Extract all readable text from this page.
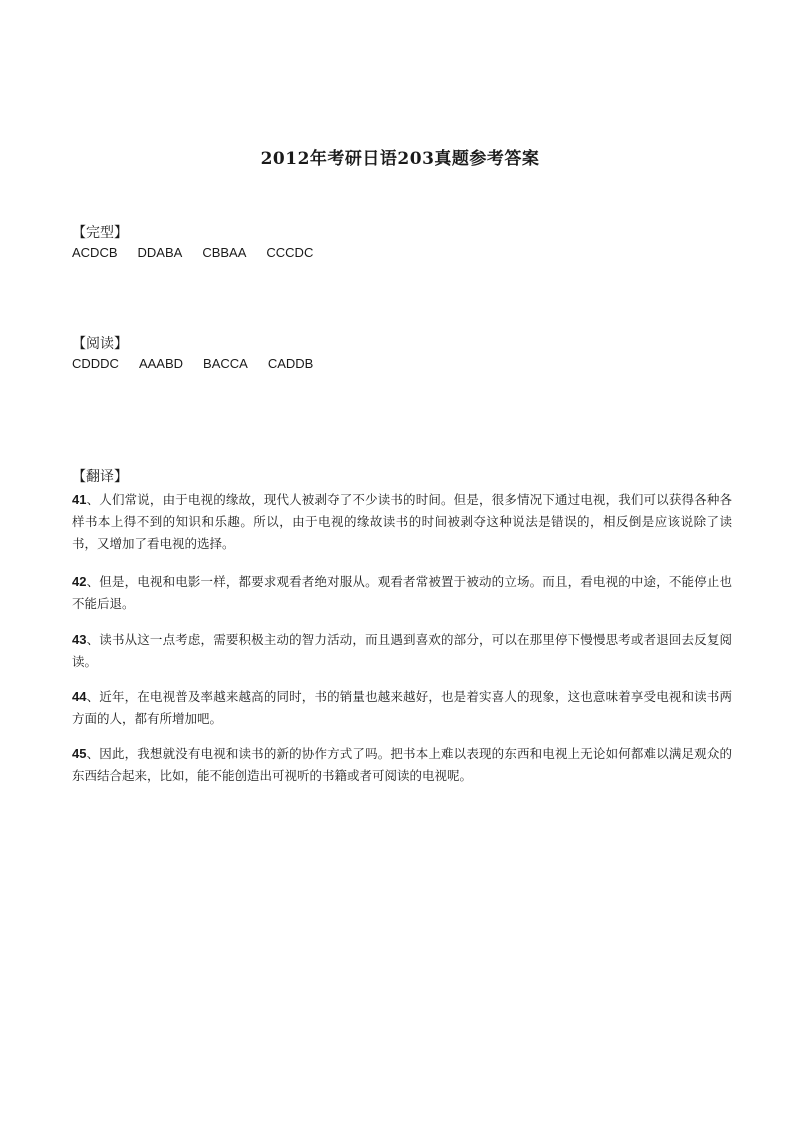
2012年考研日语203真题参考答案

【完型】

ACDCB DDABA CBBAA CCCDC

【阅读】

CDDDC AAABD BACCA CADDB

【翻译】

41、人们常说，由于电视的缘故，现代人被剥夺了不少读书的时间。但是，很多情况下通过电视，我们可以获得各种各样书本上得不到的知识和乐趣。所以，由于电视的缘故读书的时间被剥夺这种说法是错误的，相反倒是应该说除了读书，又增加了看电视的选择。

42、但是，电视和电影一样，都要求观看者绝对服从。观看者常被置于被动的立场。而且，看电视的中途，不能停止也不能后退。

43、读书从这一点考虑，需要积极主动的智力活动，而且遇到喜欢的部分，可以在那里停下慢慢思考或者退回去反复阅读。

44、近年，在电视普及率越来越高的同时，书的销量也越来越好，也是着实喜人的现象，这也意味着享受电视和读书两方面的人，都有所增加吧。

45、因此，我想就没有电视和读书的新的协作方式了吗。把书本上难以表现的东西和电视上无论如何都难以满足观众的东西结合起来，比如，能不能创造出可视听的书籍或者可阅读的电视呢。
